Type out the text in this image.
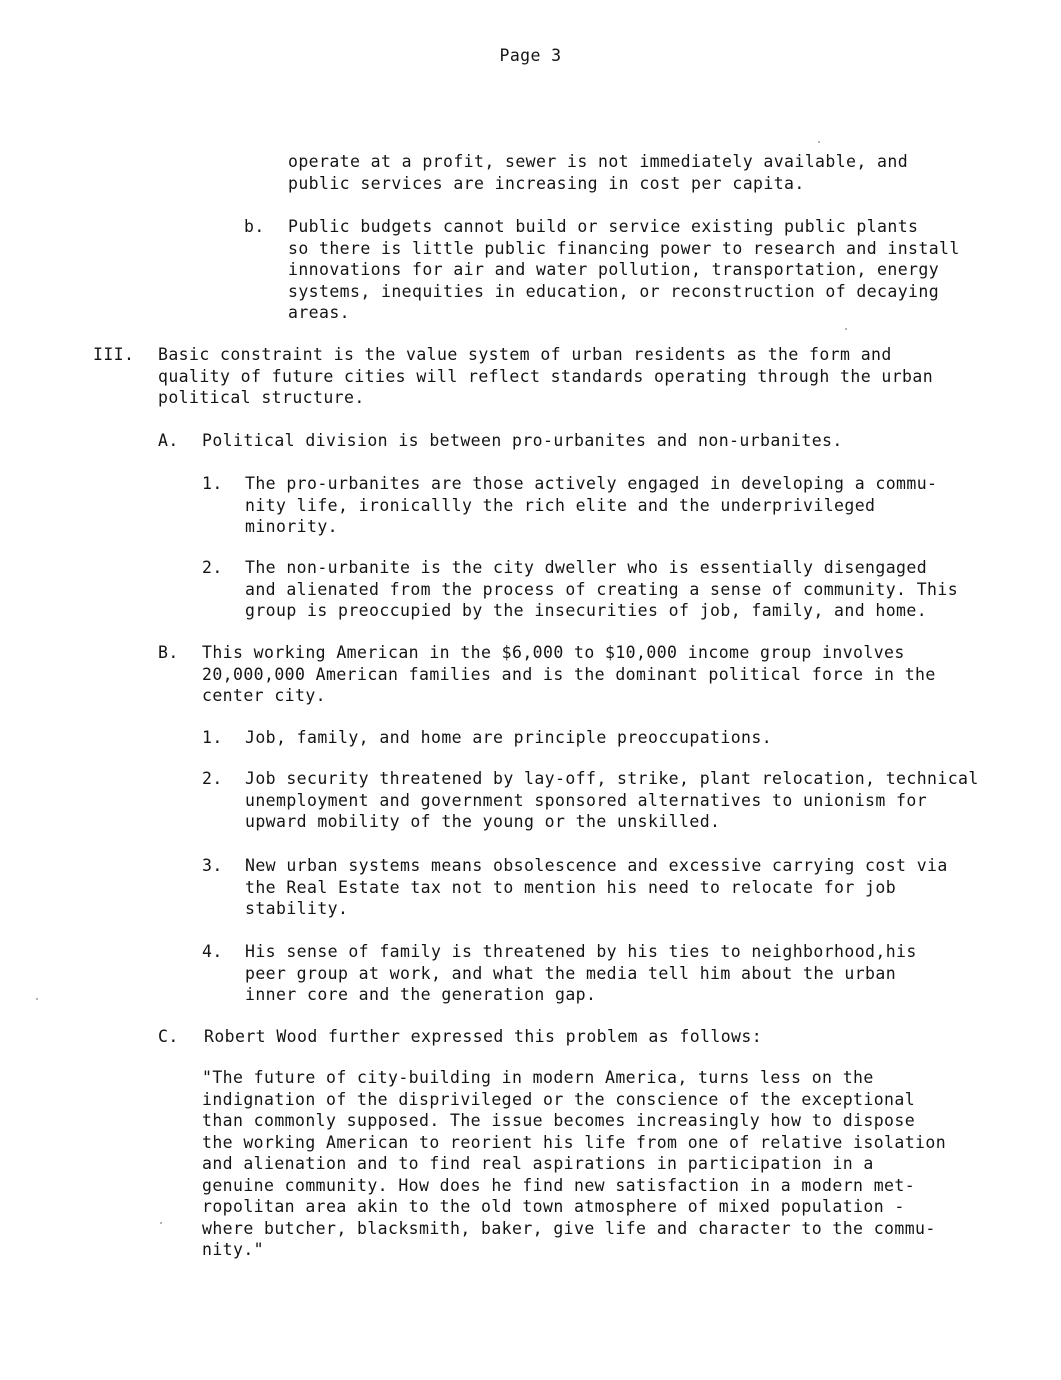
Page 3
operate at a profit, sewer is not immediately available, and
public services are increasing in cost per capita.
b. Public budgets cannot build or service existing public plants
so there is little public financing power to research and install
innovations for air and water pollution, transportation, energy
systems, inequities in education, or reconstruction of decaying
areas.
III. Basic constraint is the value system of urban residents as the form and
quality of future cities will reflect standards operating through the urban
political structure.
A. Political division is between pro-urbanites and non-urbanites.
1. The pro-urbanites are those actively engaged in developing a commu-
nity life, ironicallly the rich elite and the underprivileged
minority.
2. The non-urbanite is the city dweller who is essentially disengaged
and alienated from the process of creating a sense of community. This
group is preoccupied by the insecurities of job, family, and home.
B. This working American in the $6,000 to $10,000 income group involves
20,000,000 American families and is the dominant political force in the
center city.
1. Job, family, and home are principle preoccupations.
2. Job security threatened by lay-off, strike, plant relocation, technical
unemployment and government sponsored alternatives to unionism for
upward mobility of the young or the unskilled.
3. New urban systems means obsolescence and excessive carrying cost via
the Real Estate tax not to mention his need to relocate for job
stability.
4. His sense of family is threatened by his ties to neighborhood,his
peer group at work, and what the media tell him about the urban
inner core and the generation gap.
C. Robert Wood further expressed this problem as follows:
"The future of city-building in modern America, turns less on the
indignation of the disprivileged or the conscience of the exceptional
than commonly supposed. The issue becomes increasingly how to dispose
the working American to reorient his life from one of relative isolation
and alienation and to find real aspirations in participation in a
genuine community. How does he find new satisfaction in a modern met-
ropolitan area akin to the old town atmosphere of mixed population -
where butcher, blacksmith, baker, give life and character to the commu-
nity."
